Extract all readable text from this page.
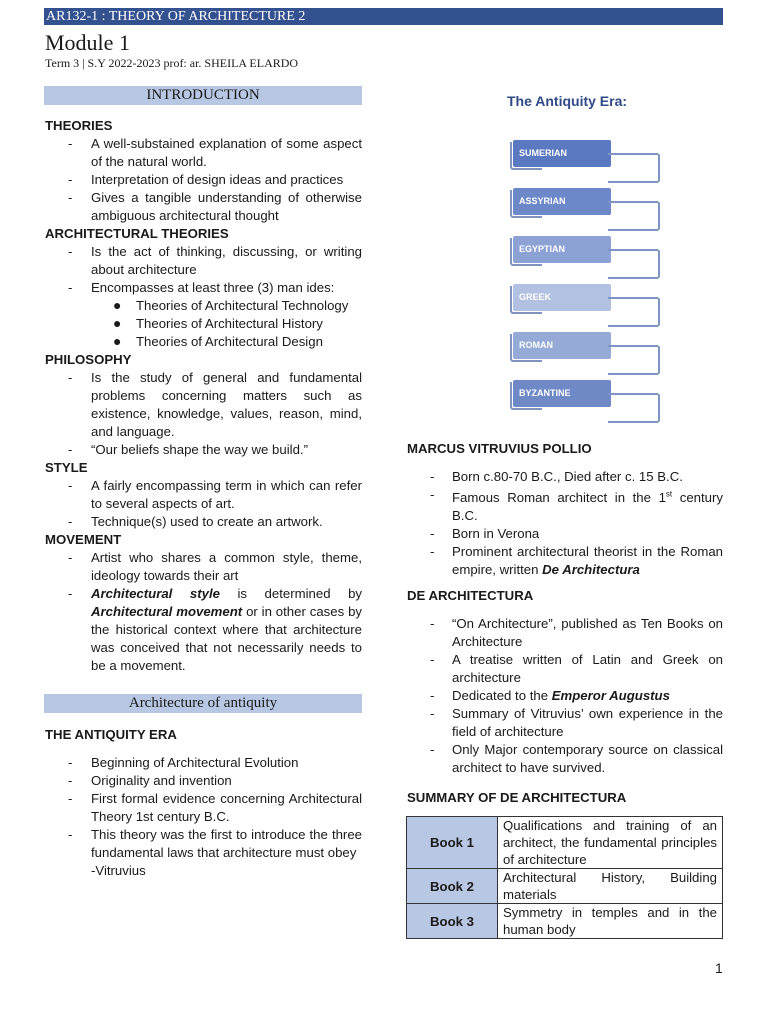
AR132-1 : THEORY OF ARCHITECTURE 2
Module 1
Term 3 | S.Y 2022-2023 prof: ar. SHEILA ELARDO
INTRODUCTION
THEORIES
- A well-substained explanation of some aspect of the natural world.
- Interpretation of design ideas and practices
- Gives a tangible understanding of otherwise ambiguous architectural thought
ARCHITECTURAL THEORIES
- Is the act of thinking, discussing, or writing about architecture
- Encompasses at least three (3) man ides:
● Theories of Architectural Technology
● Theories of Architectural History
● Theories of Architectural Design
PHILOSOPHY
- Is the study of general and fundamental problems concerning matters such as existence, knowledge, values, reason, mind, and language.
- “Our beliefs shape the way we build.”
STYLE
- A fairly encompassing term in which can refer to several aspects of art.
- Technique(s) used to create an artwork.
MOVEMENT
- Artist who shares a common style, theme, ideology towards their art
- Architectural style is determined by Architectural movement or in other cases by the historical context where that architecture was conceived that not necessarily needs to be a movement.
Architecture of antiquity
THE ANTIQUITY ERA
- Beginning of Architectural Evolution
- Originality and invention
- First formal evidence concerning Architectural Theory 1st century B.C.
- This theory was the first to introduce the three fundamental laws that architecture must obey
-Vitruvius
The Antiquity Era:
SUMERIAN
ASSYRIAN
EGYPTIAN
GREEK
ROMAN
BYZANTINE
MARCUS VITRUVIUS POLLIO
- Born c.80-70 B.C., Died after c. 15 B.C.
- Famous Roman architect in the 1st century B.C.
- Born in Verona
- Prominent architectural theorist in the Roman empire, written De Architectura
DE ARCHITECTURA
- “On Architecture”, published as Ten Books on Architecture
- A treatise written of Latin and Greek on architecture
- Dedicated to the Emperor Augustus
- Summary of Vitruvius’ own experience in the field of architecture
- Only Major contemporary source on classical architect to have survived.
SUMMARY OF DE ARCHITECTURA
Book 1	Qualifications and training of an architect, the fundamental principles of architecture
Book 2	Architectural History, Building materials
Book 3	Symmetry in temples and in the human body
1
